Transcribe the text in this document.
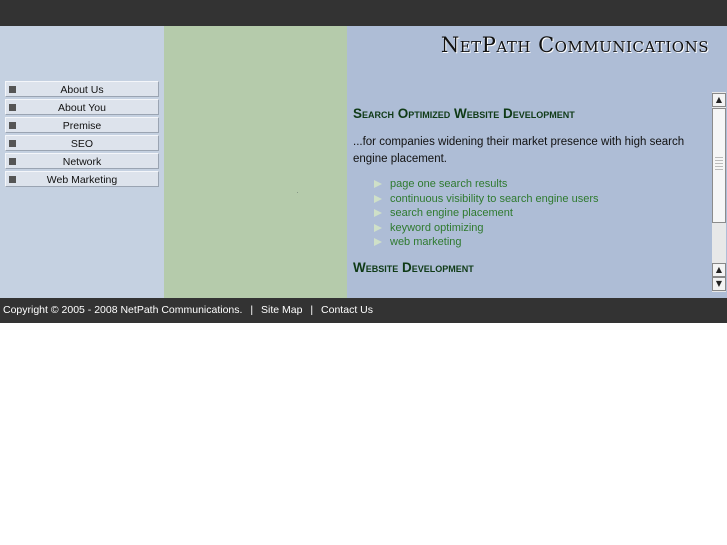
NetPath Communications
Search Optimized Website Development

...for companies widening their market presence with high search engine placement.

page one search results
continuous visibility to search engine users
search engine placement
keyword optimizing
web marketing
Website Development
About Us
About You
Premise
SEO
Network
Web Marketing
▲
▲
▼
Copyright © 2005 - 2008 NetPath Communications. | Site Map | Contact Us
